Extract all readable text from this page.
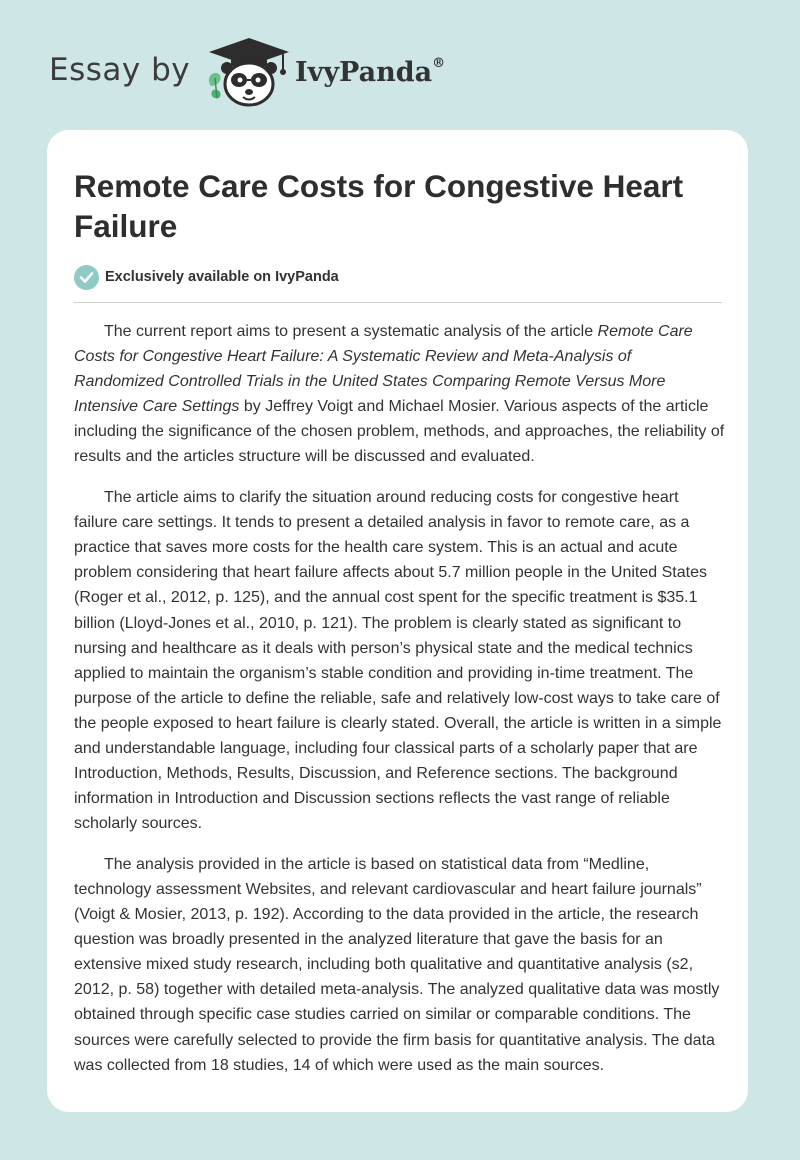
Essay by	IvyPanda®
Remote Care Costs for Congestive Heart Failure
Exclusively available on IvyPanda

The current report aims to present a systematic analysis of the article Remote Care Costs for Congestive Heart Failure: A Systematic Review and Meta-Analysis of Randomized Controlled Trials in the United States Comparing Remote Versus More Intensive Care Settings by Jeffrey Voigt and Michael Mosier. Various aspects of the article including the significance of the chosen problem, methods, and approaches, the reliability of results and the articles structure will be discussed and evaluated.

The article aims to clarify the situation around reducing costs for congestive heart failure care settings. It tends to present a detailed analysis in favor to remote care, as a practice that saves more costs for the health care system. This is an actual and acute problem considering that heart failure affects about 5.7 million people in the United States (Roger et al., 2012, p. 125), and the annual cost spent for the specific treatment is $35.1 billion (Lloyd-Jones et al., 2010, p. 121). The problem is clearly stated as significant to nursing and healthcare as it deals with person’s physical state and the medical technics applied to maintain the organism’s stable condition and providing in-time treatment. The purpose of the article to define the reliable, safe and relatively low-cost ways to take care of the people exposed to heart failure is clearly stated. Overall, the article is written in a simple and understandable language, including four classical parts of a scholarly paper that are Introduction, Methods, Results, Discussion, and Reference sections. The background information in Introduction and Discussion sections reflects the vast range of reliable scholarly sources.

The analysis provided in the article is based on statistical data from “Medline, technology assessment Websites, and relevant cardiovascular and heart failure journals” (Voigt & Mosier, 2013, p. 192). According to the data provided in the article, the research question was broadly presented in the analyzed literature that gave the basis for an extensive mixed study research, including both qualitative and quantitative analysis (s2, 2012, p. 58) together with detailed meta-analysis. The analyzed qualitative data was mostly obtained through specific case studies carried on similar or comparable conditions. The sources were carefully selected to provide the firm basis for quantitative analysis. The data was collected from 18 studies, 14 of which were used as the main sources.
